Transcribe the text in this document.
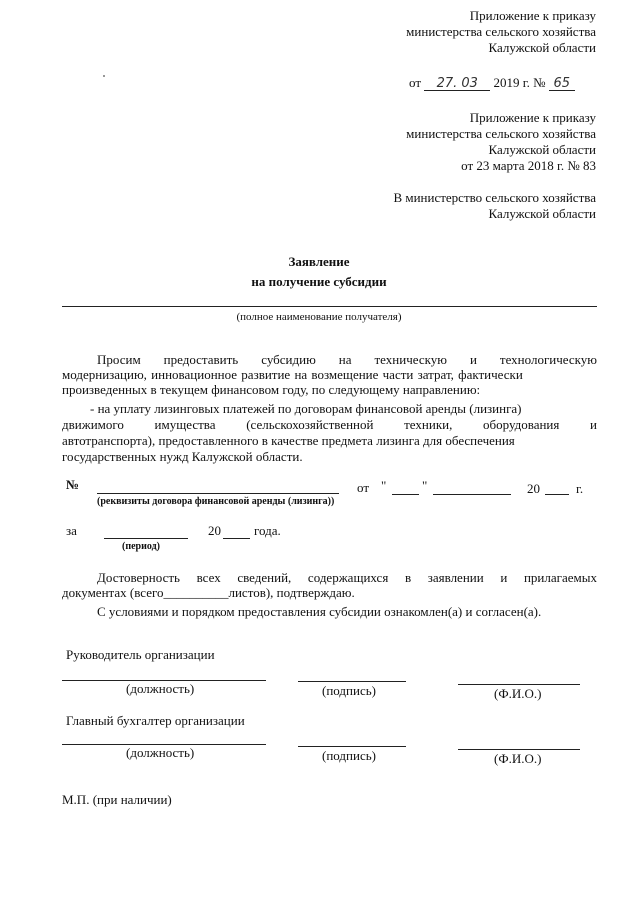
Приложение к приказу
министерства сельского хозяйства
Калужской области
от 27. 03 2019 г. № 65
Приложение к приказу
министерства сельского хозяйства
Калужской области
от 23 марта 2018 г. № 83
В министерство сельского хозяйства
Калужской области
Заявление
на получение субсидии
(полное наименование получателя)
Просим предоставить субсидию на техническую и технологическую
модернизацию, инновационное развитие на возмещение части затрат, фактически
произведенных в текущем финансовом году, по следующему направлению:
- на уплату лизинговых платежей по договорам финансовой аренды (лизинга)
движимого имущества (сельскохозяйственной техники, оборудования и
автотранспорта), предоставленного в качестве предмета лизинга для обеспечения
государственных нужд Калужской области.
№
(реквизиты договора финансовой аренды (лизинга))
от "	"	20	г.
за
(период)
20	года.
Достоверность всех сведений, содержащихся в заявлении и прилагаемых
документах (всего__________листов), подтверждаю.
С условиями и порядком предоставления субсидии ознакомлен(а) и согласен(а).
Руководитель организации
(должность)	(подпись)	(Ф.И.О.)
Главный бухгалтер организации
(должность)	(подпись)	(Ф.И.О.)
М.П. (при наличии)
